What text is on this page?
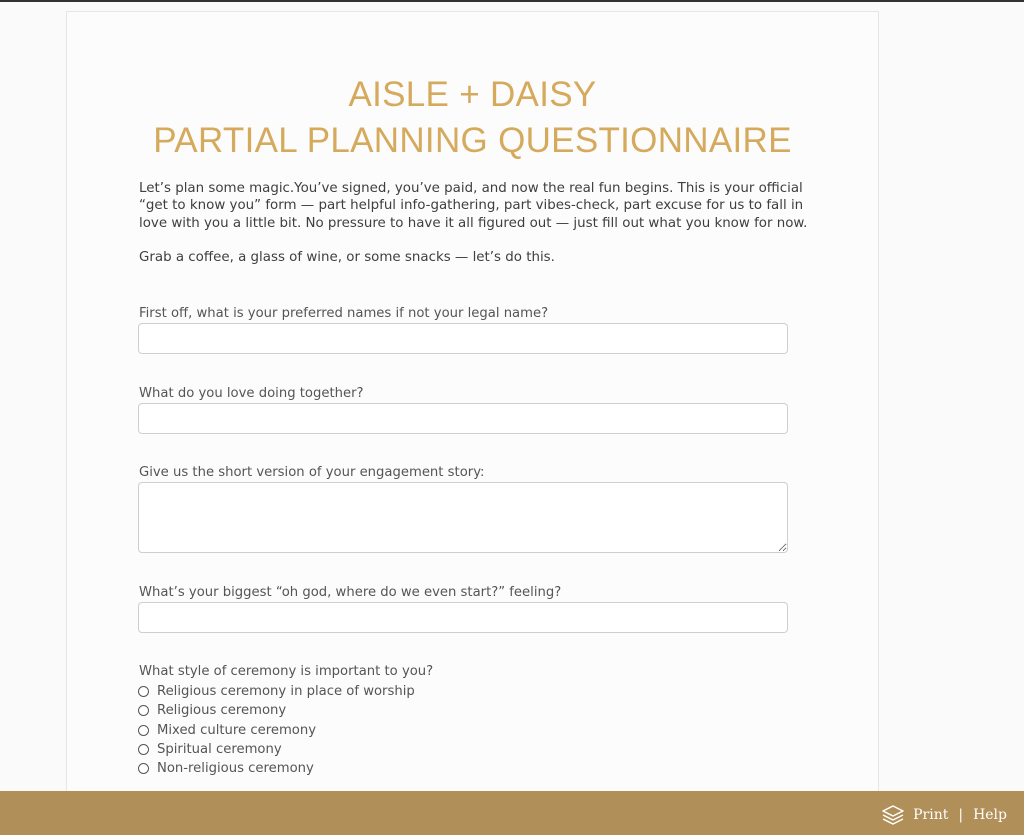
AISLE + DAISY
PARTIAL PLANNING QUESTIONNAIRE

Let’s plan some magic.You’ve signed, you’ve paid, and now the real fun begins. This is your official “get to know you” form — part helpful info-gathering, part vibes-check, part excuse for us to fall in love with you a little bit. No pressure to have it all figured out — just fill out what you know for now.

Grab a coffee, a glass of wine, or some snacks — let’s do this.

First off, what is your preferred names if not your legal name?
What do you love doing together?
Give us the short version of your engagement story:
What’s your biggest “oh god, where do we even start?” feeling?
What style of ceremony is important to you?
Religious ceremony in place of worship
Religious ceremony
Mixed culture ceremony
Spiritual ceremony
Non-religious ceremony
Print | Help
